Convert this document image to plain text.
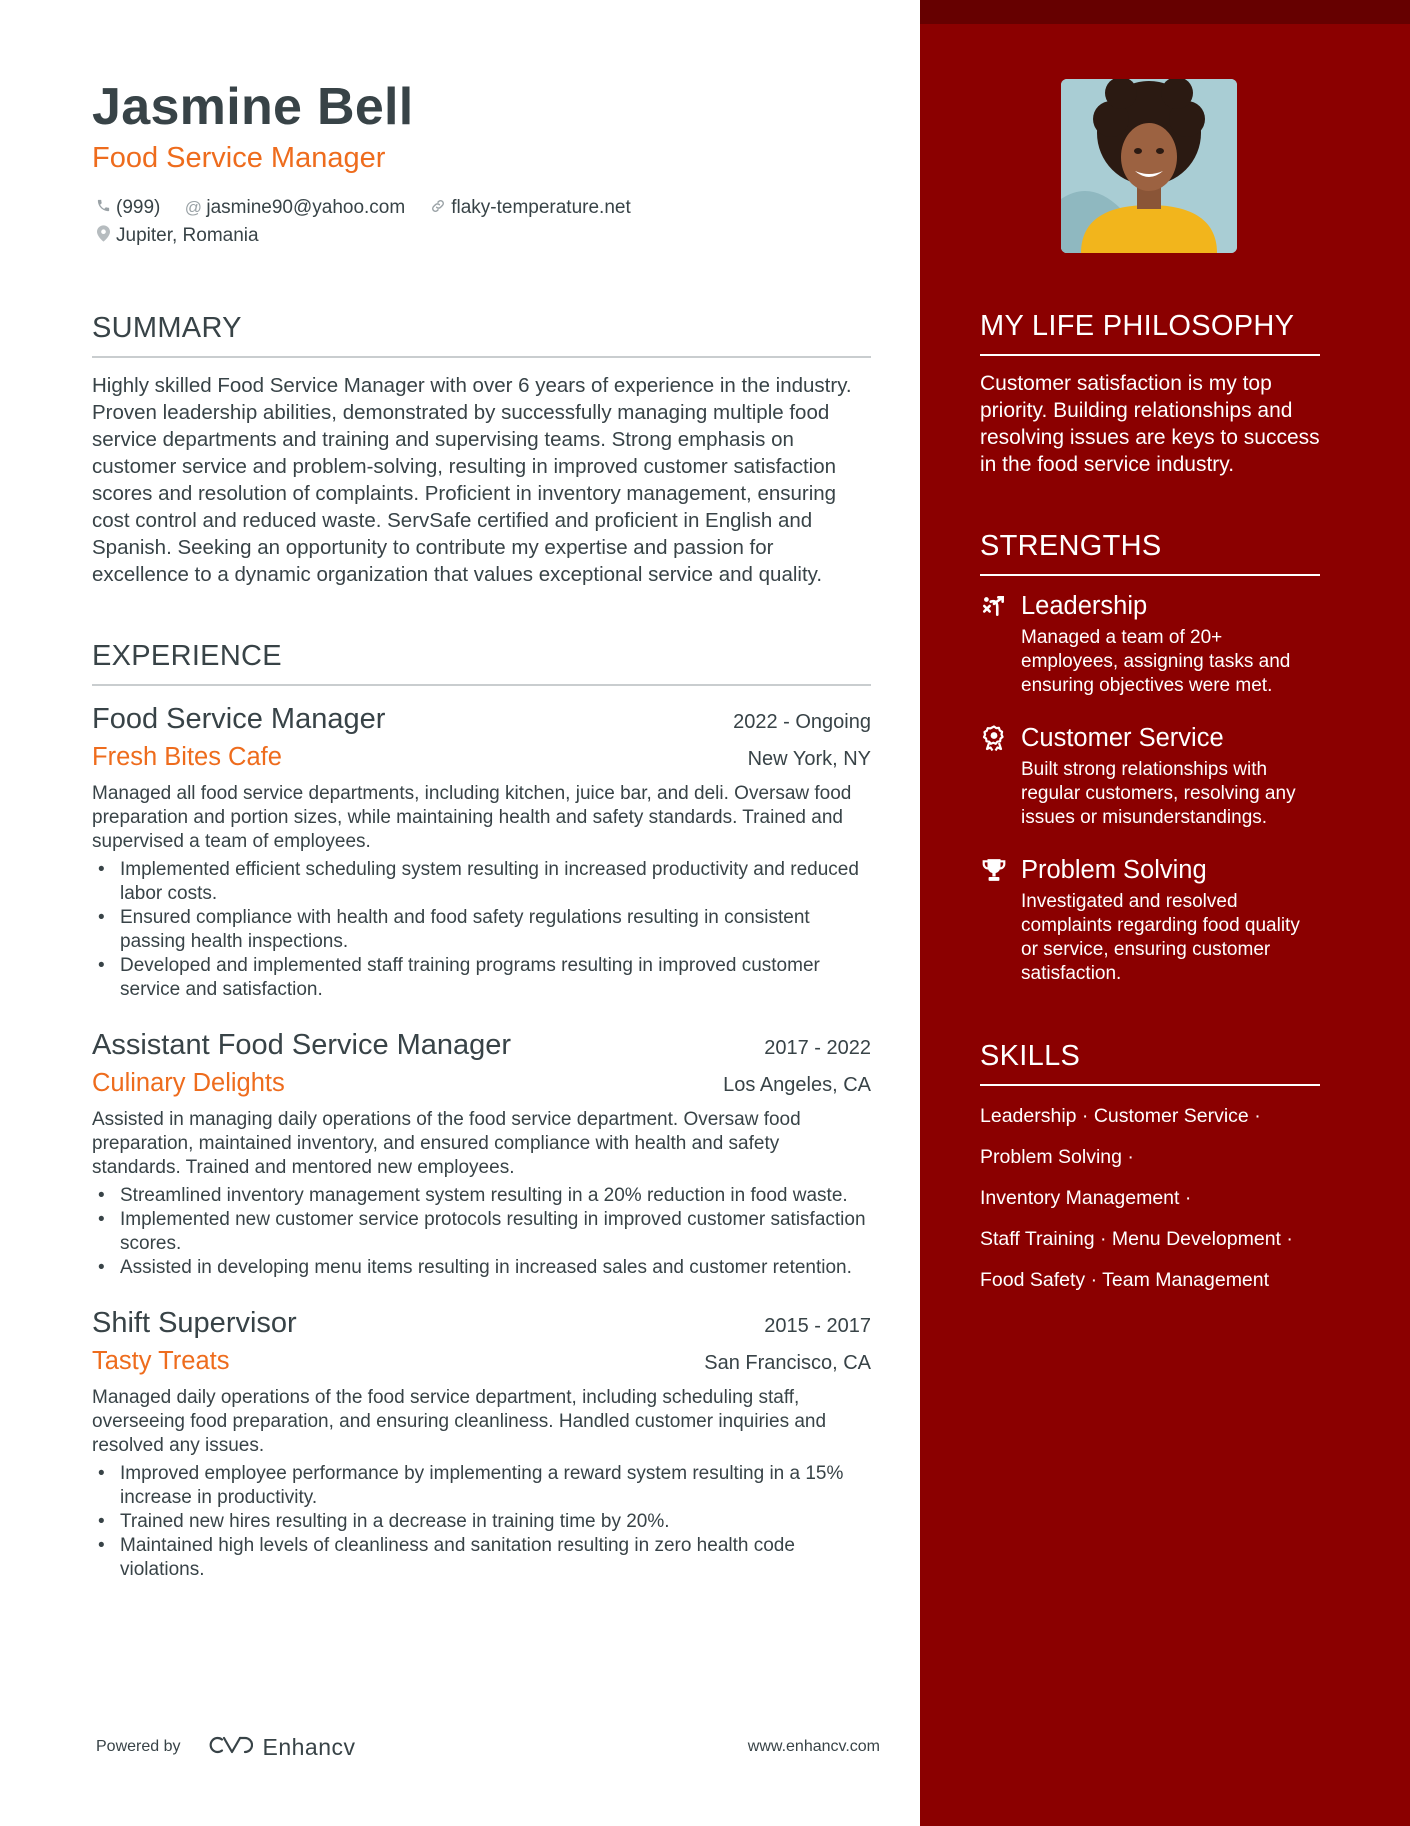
Jasmine Bell
Food Service Manager
(999) @ jasmine90@yahoo.com flaky-temperature.net
Jupiter, Romania
SUMMARY
Highly skilled Food Service Manager with over 6 years of experience in the industry. Proven leadership abilities, demonstrated by successfully managing multiple food service departments and training and supervising teams. Strong emphasis on customer service and problem-solving, resulting in improved customer satisfaction scores and resolution of complaints. Proficient in inventory management, ensuring cost control and reduced waste. ServSafe certified and proficient in English and Spanish. Seeking an opportunity to contribute my expertise and passion for excellence to a dynamic organization that values exceptional service and quality.
EXPERIENCE
Food Service Manager	2022 - Ongoing
Fresh Bites Cafe	New York, NY
Managed all food service departments, including kitchen, juice bar, and deli. Oversaw food preparation and portion sizes, while maintaining health and safety standards. Trained and supervised a team of employees.
• Implemented efficient scheduling system resulting in increased productivity and reduced labor costs.
• Ensured compliance with health and food safety regulations resulting in consistent passing health inspections.
• Developed and implemented staff training programs resulting in improved customer service and satisfaction.
Assistant Food Service Manager	2017 - 2022
Culinary Delights	Los Angeles, CA
Assisted in managing daily operations of the food service department. Oversaw food preparation, maintained inventory, and ensured compliance with health and safety standards. Trained and mentored new employees.
• Streamlined inventory management system resulting in a 20% reduction in food waste.
• Implemented new customer service protocols resulting in improved customer satisfaction scores.
• Assisted in developing menu items resulting in increased sales and customer retention.
Shift Supervisor	2015 - 2017
Tasty Treats	San Francisco, CA
Managed daily operations of the food service department, including scheduling staff, overseeing food preparation, and ensuring cleanliness. Handled customer inquiries and resolved any issues.
• Improved employee performance by implementing a reward system resulting in a 15% increase in productivity.
• Trained new hires resulting in a decrease in training time by 20%.
• Maintained high levels of cleanliness and sanitation resulting in zero health code violations.
Powered by	Enhancv	www.enhancv.com
MY LIFE PHILOSOPHY
Customer satisfaction is my top priority. Building relationships and resolving issues are keys to success in the food service industry.
STRENGTHS
Leadership
Managed a team of 20+ employees, assigning tasks and ensuring objectives were met.
Customer Service
Built strong relationships with regular customers, resolving any issues or misunderstandings.
Problem Solving
Investigated and resolved complaints regarding food quality or service, ensuring customer satisfaction.
SKILLS
Leadership · Customer Service ·
Problem Solving ·
Inventory Management ·
Staff Training · Menu Development ·
Food Safety · Team Management
